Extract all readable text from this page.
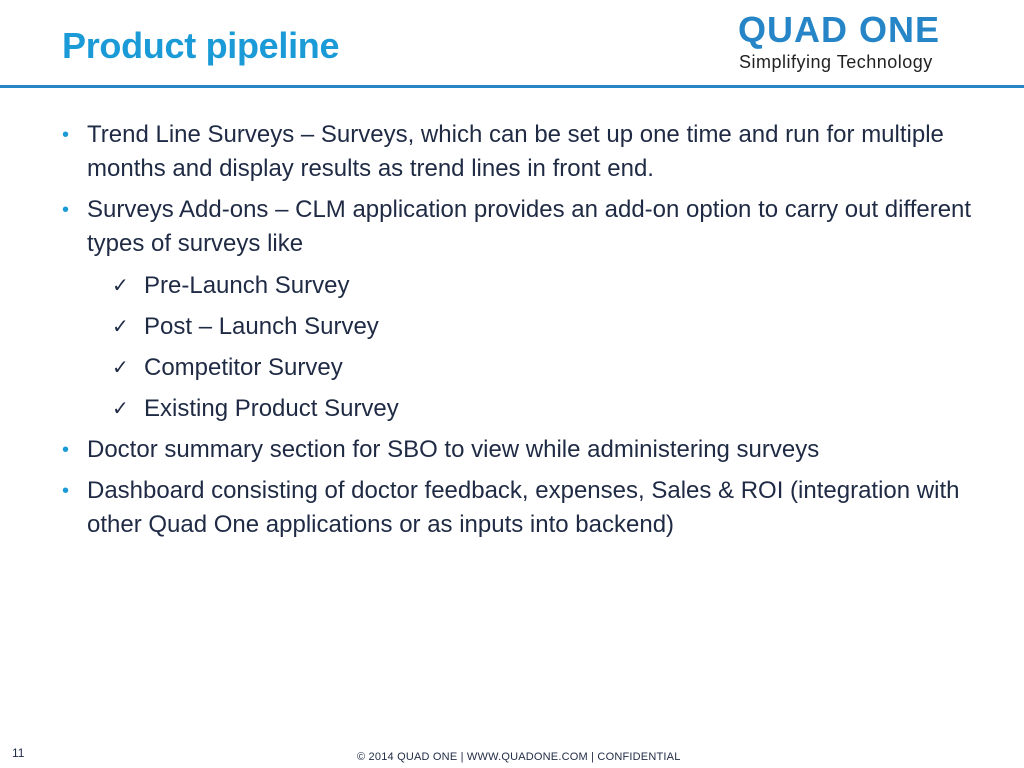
Product pipeline	QUAD ONE
Simplifying Technology
• Trend Line Surveys – Surveys, which can be set up one time and run for multiple months and display results as trend lines in front end.
• Surveys Add-ons – CLM application provides an add-on option to carry out different types of surveys like
✓ Pre-Launch Survey
✓ Post – Launch Survey
✓ Competitor Survey
✓ Existing Product Survey
• Doctor summary section for SBO to view while administering surveys
• Dashboard consisting of doctor feedback, expenses, Sales & ROI (integration with other Quad One applications or as inputs into backend)
11	© 2014 QUAD ONE | WWW.QUADONE.COM | CONFIDENTIAL
